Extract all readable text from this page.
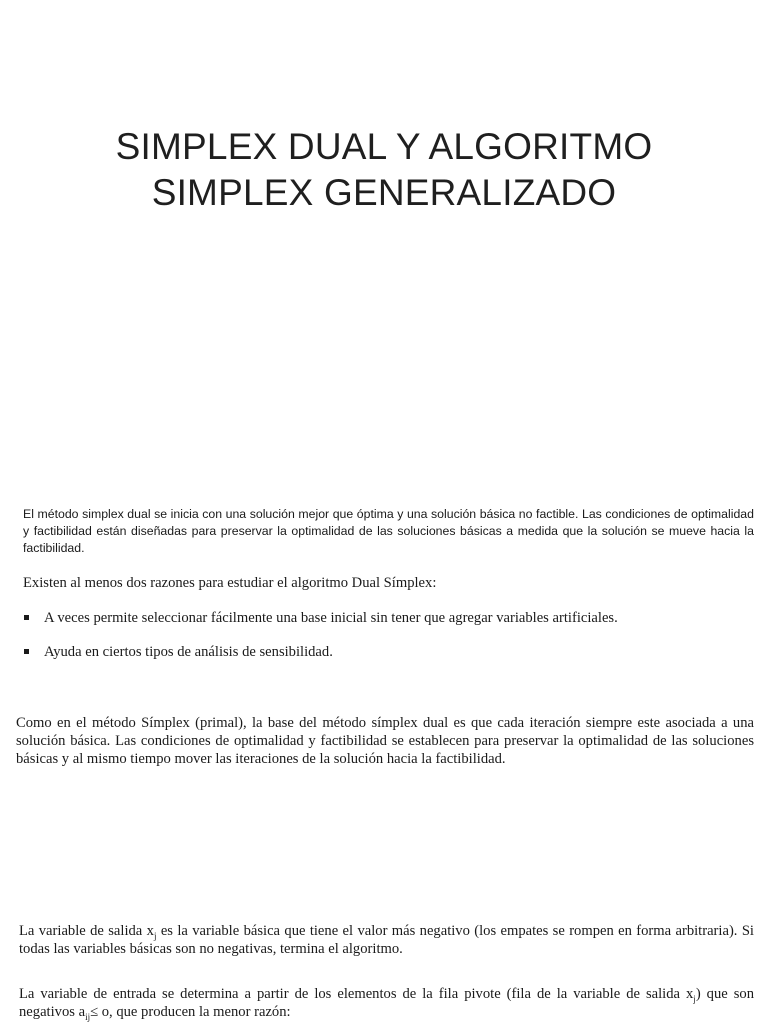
SIMPLEX DUAL Y ALGORITMO
SIMPLEX GENERALIZADO

El método simplex dual se inicia con una solución mejor que óptima y una solución básica no factible. Las condiciones de optimalidad y factibilidad están diseñadas para preservar la optimalidad de las soluciones básicas a medida que la solución se mueve hacia la factibilidad.

Existen al menos dos razones para estudiar el algoritmo Dual Símplex:

A veces permite seleccionar fácilmente una base inicial sin tener que agregar variables artificiales.
Ayuda en ciertos tipos de análisis de sensibilidad.

Como en el método Símplex (primal), la base del método símplex dual es que cada iteración siempre este asociada a una solución básica. Las condiciones de optimalidad y factibilidad se establecen para preservar la optimalidad de las soluciones básicas y al mismo tiempo mover las iteraciones de la solución hacia la factibilidad.

La variable de salida $x_j$ es la variable básica que tiene el valor más negativo (los empates se rompen en forma arbitraria). Si todas las variables básicas son no negativas, termina el algoritmo.

La variable de entrada se determina a partir de los elementos de la fila pivote (fila de la variable de salida $x_j$) que son negativos $a_{ij}\le o$, que producen la menor razón:
